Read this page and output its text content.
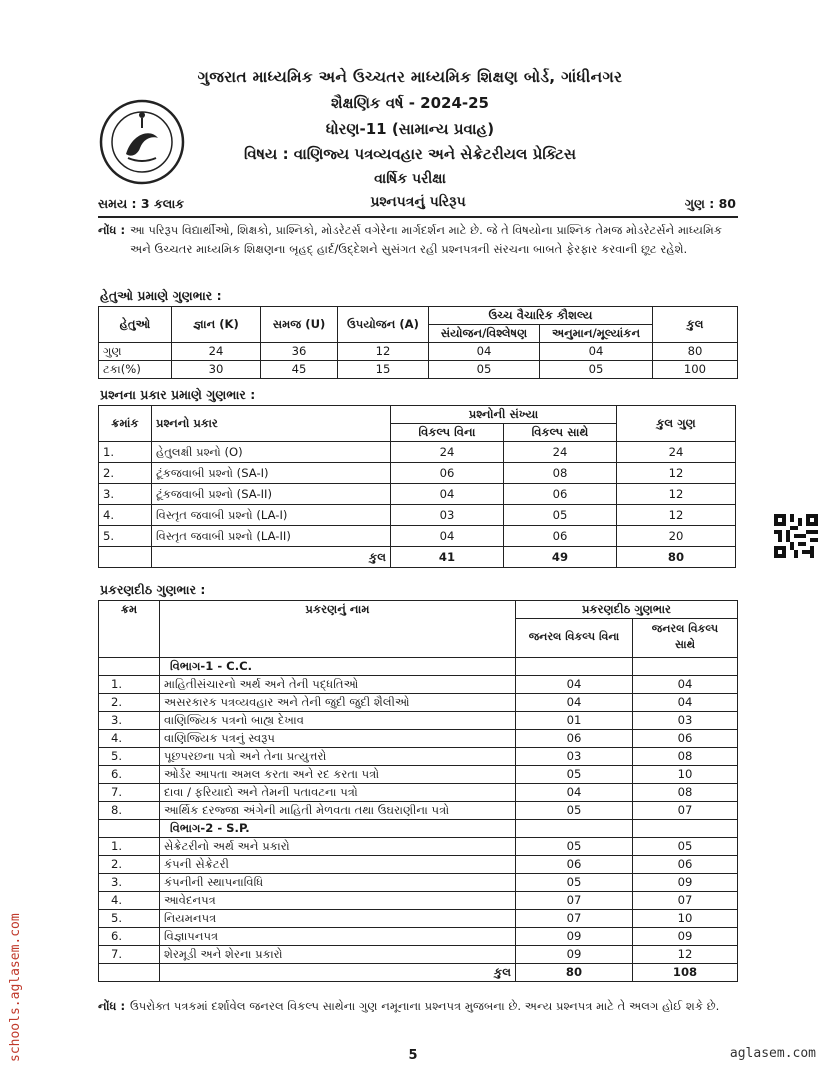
ગુજરાત માધ્યમિક અને ઉચ્ચતર માધ્યમિક શિક્ષણ બોર્ડ, ગાંધીનગર
શૈક્ષણિક વર્ષ - 2024-25
ધોરણ-11 (સામાન્ય પ્રવાહ)
વિષય : વાણિજ્ય પત્રવ્યવહાર અને સેક્રેટરીયલ પ્રેક્ટિસ
વાર્ષિક પરીક્ષા
સમય : 3 કલાક	પ્રશ્નપત્રનું પરિરૂપ	ગુણ : 80
નોંધ : આ પરિરૂપ વિદ્યાર્થીઓ, શિક્ષકો, પ્રાશ્નિકો, મોડરેટર્સ વગેરેના માર્ગદર્શન માટે છે. જે તે વિષયોના પ્રાશ્નિક તેમજ મોડરેટર્સને માધ્યમિક અને ઉચ્ચતર માધ્યમિક શિક્ષણના બૃહદ્ હાર્દ/ઉદ્દેશને સુસંગત રહી પ્રશ્નપત્રની સંરચના બાબતે ફેરફાર કરવાની છૂટ રહેશે.
હેતુઓ પ્રમાણે ગુણભાર :
હેતુઓ	જ્ઞાન (K)	સમજ (U)	ઉપયોજન (A)	ઉચ્ચ વૈચારિક કૌશલ્ય		કુલ
				સંયોજન/વિશ્લેષણ	અનુમાન/મૂલ્યાંકન	
ગુણ	24	36	12	04	04	80
ટકા(%)	30	45	15	05	05	100
પ્રશ્નના પ્રકાર પ્રમાણે ગુણભાર :
ક્રમાંક	પ્રશ્નનો પ્રકાર	પ્રશ્નોની સંખ્યા		કુલ ગુણ
		વિકલ્પ વિના	વિકલ્પ સાથે	
1.	હેતુલક્ષી પ્રશ્નો (O)	24	24	24
2.	ટૂંકજવાબી પ્રશ્નો (SA-I)	06	08	12
3.	ટૂંકજવાબી પ્રશ્નો (SA-II)	04	06	12
4.	વિસ્તૃત જવાબી પ્રશ્નો (LA-I)	03	05	12
5.	વિસ્તૃત જવાબી પ્રશ્નો (LA-II)	04	06	20
	કુલ	41	49	80
પ્રકરણદીઠ ગુણભાર :
ક્રમ	પ્રકરણનું નામ	પ્રકરણદીઠ ગુણભાર	
		જનરલ વિકલ્પ વિના	જનરલ વિકલ્પ સાથે
	વિભાગ-1 - C.C.		
1.	માહિતીસંચારનો અર્થ અને તેની પદ્ધતિઓ	04	04
2.	અસરકારક પત્રવ્યવહાર અને તેની જુદી જુદી શૈલીઓ	04	04
3.	વાણિજ્યિક પત્રનો બાહ્ય દેખાવ	01	03
4.	વાણિજ્યિક પત્રનું સ્વરૂપ	06	06
5.	પૂછપરછના પત્રો અને તેના પ્રત્યુત્તરો	03	08
6.	ઓર્ડર આપતા અમલ કરતા અને રદ કરતા પત્રો	05	10
7.	દાવા / ફરિયાદો અને તેમની પતાવટના પત્રો	04	08
8.	આર્થિક દરજ્જા અંગેની માહિતી મેળવતા તથા ઉઘરાણીના પત્રો	05	07
	વિભાગ-2 - S.P.		
1.	સેક્રેટરીનો અર્થ અને પ્રકારો	05	05
2.	કંપની સેક્રેટરી	06	06
3.	કંપનીની સ્થાપનાવિધિ	05	09
4.	આવેદનપત્ર	07	07
5.	નિયમનપત્ર	07	10
6.	વિજ્ઞાપનપત્ર	09	09
7.	શેરમૂડી અને શેરના પ્રકારો	09	12
	કુલ	80	108
નોંધ : ઉપરોક્ત પત્રકમાં દર્શાવેલ જનરલ વિકલ્પ સાથેના ગુણ નમૂનાના પ્રશ્નપત્ર મુજબના છે. અન્ય પ્રશ્નપત્ર માટે તે અલગ હોઈ શકે છે.
5
schools.aglasem.com	aglasem.com
